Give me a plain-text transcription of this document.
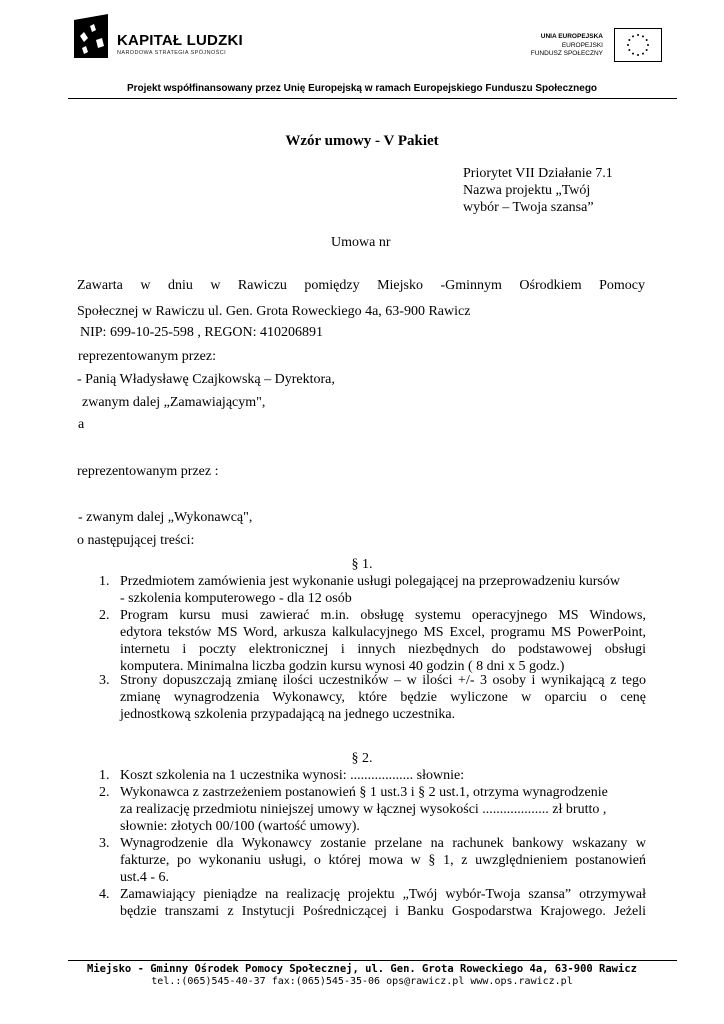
KAPITAŁ LUDZKI
NARODOWA STRATEGIA SPÓJNOŚCI
UNIA EUROPEJSKA
EUROPEJSKI
FUNDUSZ SPOŁECZNY
Projekt współfinansowany przez Unię Europejską w ramach Europejskiego Funduszu Społecznego
Wzór umowy - V Pakiet
Priorytet VII Działanie 7.1
Nazwa projektu „Twój
wybór – Twoja szansa”
Umowa nr
Zawarta w dniu w Rawiczu pomiędzy Miejsko -Gminnym Ośrodkiem Pomocy
Społecznej w Rawiczu ul. Gen. Grota Roweckiego 4a, 63-900 Rawicz
NIP: 699-10-25-598 , REGON: 410206891
reprezentowanym przez:
- Panią Władysławę Czajkowską – Dyrektora,
zwanym dalej „Zamawiającym",
a
reprezentowanym przez :
- zwanym dalej „Wykonawcą",
o następującej treści:
§ 1.
1. Przedmiotem zamówienia jest wykonanie usługi polegającej na przeprowadzeniu kursów
- szkolenia komputerowego - dla 12 osób
2. Program kursu musi zawierać m.in. obsługę systemu operacyjnego MS Windows,
edytora tekstów MS Word, arkusza kalkulacyjnego MS Excel, programu MS PowerPoint,
internetu i poczty elektronicznej i innych niezbędnych do podstawowej obsługi
komputera. Minimalna liczba godzin kursu wynosi 40 godzin ( 8 dni x 5 godz.)
3. Strony dopuszczają zmianę ilości uczestników – w ilości +/- 3 osoby i wynikającą z tego
zmianę wynagrodzenia Wykonawcy, które będzie wyliczone w oparciu o cenę
jednostkową szkolenia przypadającą na jednego uczestnika.
§ 2.
1. Koszt szkolenia na 1 uczestnika wynosi: .................. słownie:
2. Wykonawca z zastrzeżeniem postanowień § 1 ust.3 i § 2 ust.1, otrzyma wynagrodzenie
za realizację przedmiotu niniejszej umowy w łącznej wysokości ................... zł brutto ,
słownie: złotych 00/100 (wartość umowy).
3. Wynagrodzenie dla Wykonawcy zostanie przelane na rachunek bankowy wskazany w
fakturze, po wykonaniu usługi, o której mowa w § 1, z uwzględnieniem postanowień
ust.4 - 6.
4. Zamawiający pieniądze na realizację projektu „Twój wybór-Twoja szansa” otrzymywał
będzie transzami z Instytucji Pośredniczącej i Banku Gospodarstwa Krajowego. Jeżeli
Miejsko - Gminny Ośrodek Pomocy Społecznej, ul. Gen. Grota Roweckiego 4a, 63-900 Rawicz
tel.:(065)545-40-37 fax:(065)545-35-06 ops@rawicz.pl www.ops.rawicz.pl
